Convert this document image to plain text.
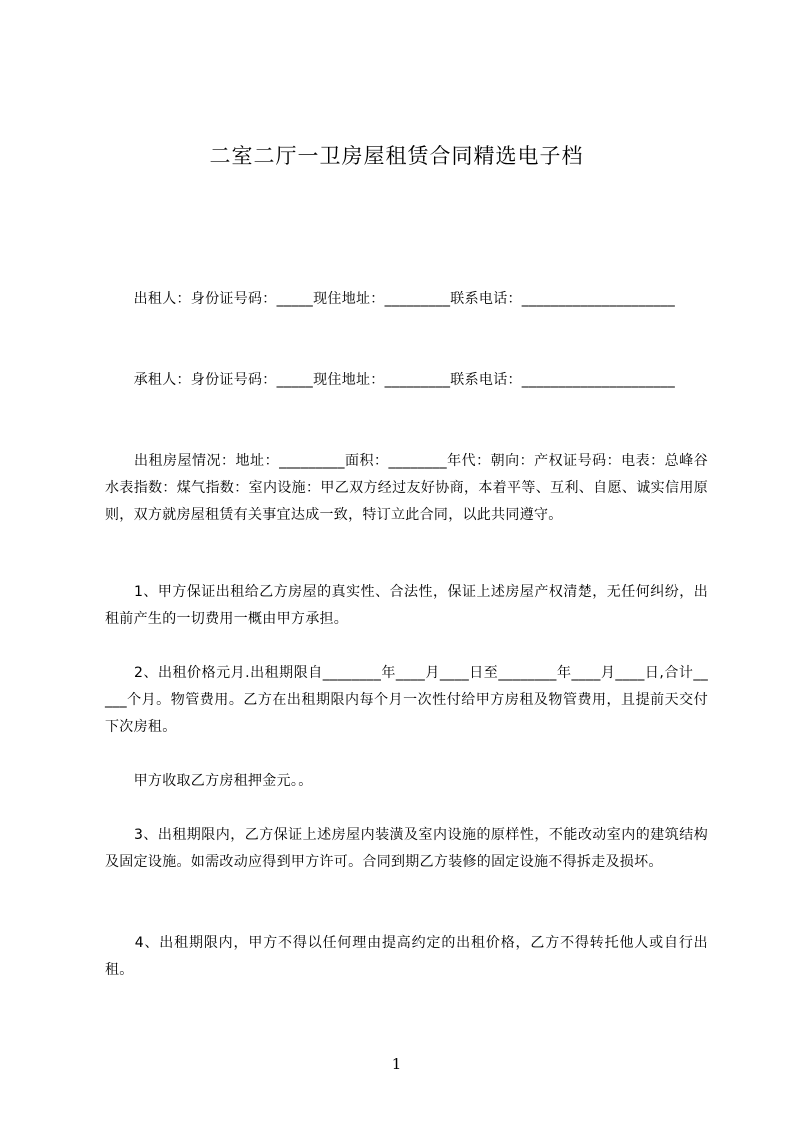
二室二厅一卫房屋租赁合同精选电子档
　　出租人：身份证号码：_____现住地址：_________联系电话：_____________________
　　承租人：身份证号码：_____现住地址：_________联系电话：_____________________
　　出租房屋情况：地址：_________面积：________年代：朝向：产权证号码：电表：总峰谷水表指数：煤气指数：室内设施：甲乙双方经过友好协商，本着平等、互利、自愿、诚实信用原则，双方就房屋租赁有关事宜达成一致，特订立此合同，以此共同遵守。
　　1、甲方保证出租给乙方房屋的真实性、合法性，保证上述房屋产权清楚，无任何纠纷，出租前产生的一切费用一概由甲方承担。
　　2、出租价格元月.出租期限自________年____月____日至________年____月____日,合计_____个月。物管费用。乙方在出租期限内每个月一次性付给甲方房租及物管费用，且提前天交付下次房租。
　　甲方收取乙方房租押金元。。
　　3、出租期限内，乙方保证上述房屋内装潢及室内设施的原样性，不能改动室内的建筑结构及固定设施。如需改动应得到甲方许可。合同到期乙方装修的固定设施不得拆走及损坏。
　　4、出租期限内，甲方不得以任何理由提高约定的出租价格，乙方不得转托他人或自行出租。
1
